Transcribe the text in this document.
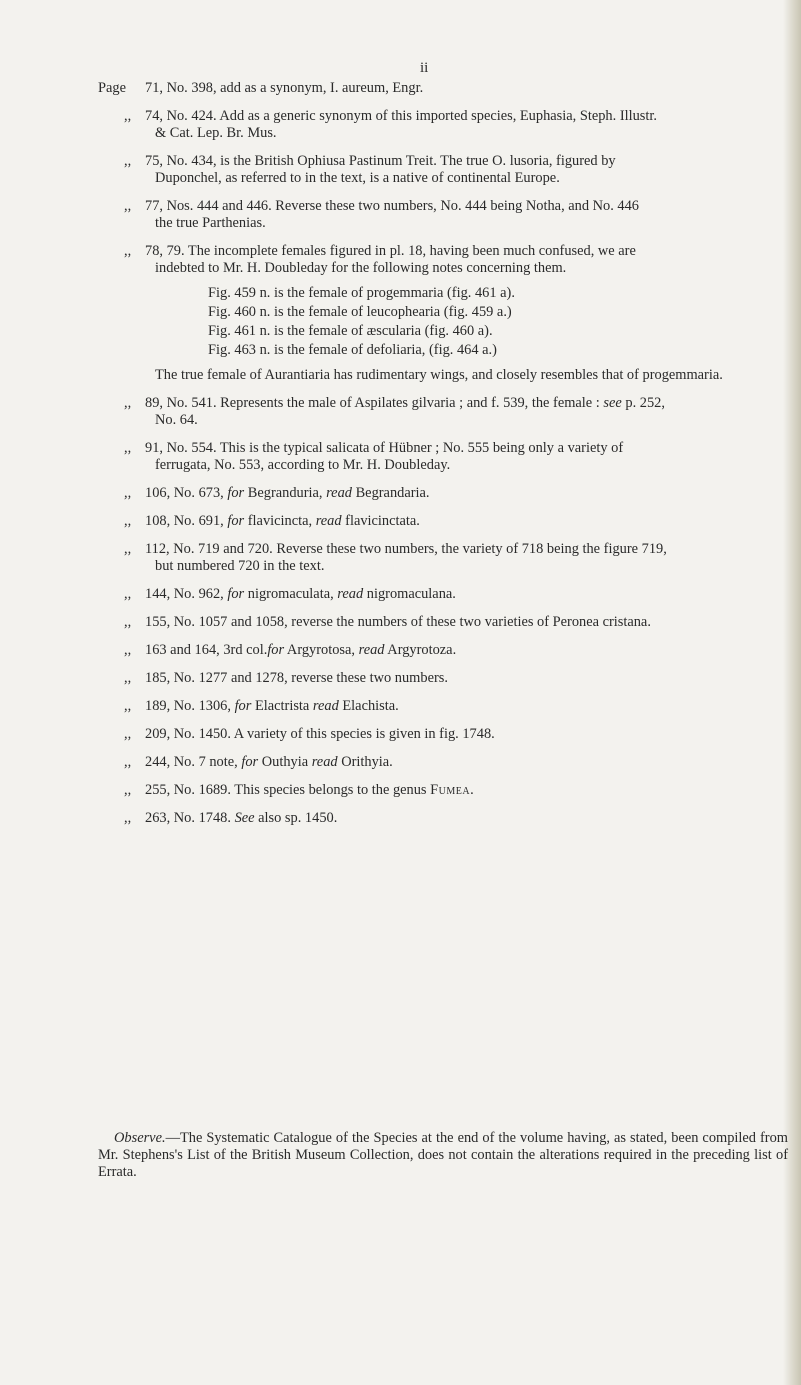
ii
Page 71, No. 398, add as a synonym, I. aureum, Engr.
,, 74, No. 424. Add as a generic synonym of this imported species, Euphasia, Steph. Illustr.
& Cat. Lep. Br. Mus.
,, 75, No. 434, is the British Ophiusa Pastinum Treit. The true O. lusoria, figured by
Duponchel, as referred to in the text, is a native of continental Europe.
,, 77, Nos. 444 and 446. Reverse these two numbers, No. 444 being Notha, and No. 446
the true Parthenias.
,, 78, 79. The incomplete females figured in pl. 18, having been much confused, we are
indebted to Mr. H. Doubleday for the following notes concerning them.
Fig. 459 n. is the female of progemmaria (fig. 461 a).
Fig. 460 n. is the female of leucophearia (fig. 459 a.)
Fig. 461 n. is the female of æscularia (fig. 460 a).
Fig. 463 n. is the female of defoliaria, (fig. 464 a.)
The true female of Aurantiaria has rudimentary wings, and closely resembles that of progemmaria.
,, 89, No. 541. Represents the male of Aspilates gilvaria ; and f. 539, the female : see p. 252,
No. 64.
,, 91, No. 554. This is the typical salicata of Hübner ; No. 555 being only a variety of
ferrugata, No. 553, according to Mr. H. Doubleday.
,, 106, No. 673, for Begranduria, read Begrandaria.
,, 108, No. 691, for flavicincta, read flavicinctata.
,, 112, No. 719 and 720. Reverse these two numbers, the variety of 718 being the figure 719,
but numbered 720 in the text.
,, 144, No. 962, for nigromaculata, read nigromaculana.
,, 155, No. 1057 and 1058, reverse the numbers of these two varieties of Peronea cristana.
,, 163 and 164, 3rd col.for Argyrotosa, read Argyrotoza.
,, 185, No. 1277 and 1278, reverse these two numbers.
,, 189, No. 1306, for Elactrista read Elachista.
,, 209, No. 1450. A variety of this species is given in fig. 1748.
,, 244, No. 7 note, for Outhyia read Orithyia.
,, 255, No. 1689. This species belongs to the genus Fumea.
,, 263, No. 1748. See also sp. 1450.
Observe.—The Systematic Catalogue of the Species at the end of the volume having, as stated, been compiled from Mr. Stephens's List of the British Museum Collection, does not contain the alterations required in the preceding list of Errata.
